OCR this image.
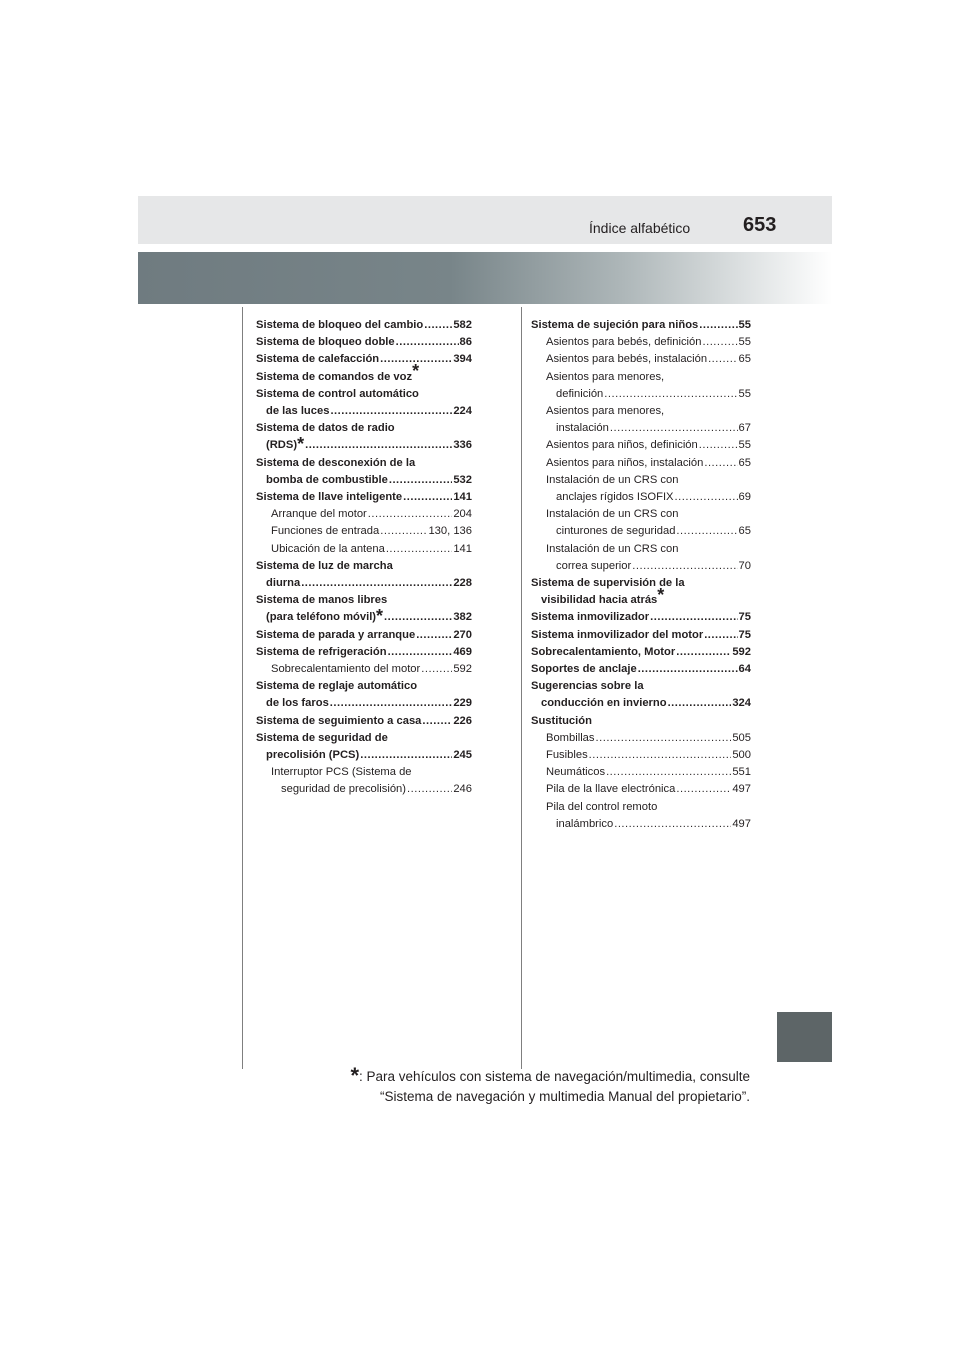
Índice alfabético	653
Sistema de bloqueo del cambio .....	582
Sistema de bloqueo doble .....	86
Sistema de calefacción .....	394
Sistema de comandos de voz*
Sistema de control automático
de las luces .....	224
Sistema de datos de radio
(RDS)* .....	336
Sistema de desconexión de la
bomba de combustible .....	532
Sistema de llave inteligente .....	141
Arranque del motor .....	204
Funciones de entrada .....	130, 136
Ubicación de la antena .....	141
Sistema de luz de marcha
diurna .....	228
Sistema de manos libres
(para teléfono móvil)* .....	382
Sistema de parada y arranque .....	270
Sistema de refrigeración .....	469
Sobrecalentamiento del motor .....	592
Sistema de reglaje automático
de los faros .....	229
Sistema de seguimiento a casa .....	226
Sistema de seguridad de
precolisión (PCS) .....	245
Interruptor PCS (Sistema de
seguridad de precolisión) .....	246
Sistema de sujeción para niños .....	55
Asientos para bebés, definición .....	55
Asientos para bebés, instalación .....	65
Asientos para menores,
definición .....	55
Asientos para menores,
instalación .....	67
Asientos para niños, definición .....	55
Asientos para niños, instalación .....	65
Instalación de un CRS con
anclajes rígidos ISOFIX .....	69
Instalación de un CRS con
cinturones de seguridad .....	65
Instalación de un CRS con
correa superior .....	70
Sistema de supervisión de la
visibilidad hacia atrás*
Sistema inmovilizador .....	75
Sistema inmovilizador del motor .....	75
Sobrecalentamiento, Motor .....	592
Soportes de anclaje .....	64
Sugerencias sobre la
conducción en invierno .....	324
Sustitución
Bombillas .....	505
Fusibles .....	500
Neumáticos .....	551
Pila de la llave electrónica .....	497
Pila del control remoto
inalámbrico .....	497
*: Para vehículos con sistema de navegación/multimedia, consulte
“Sistema de navegación y multimedia Manual del propietario”.
